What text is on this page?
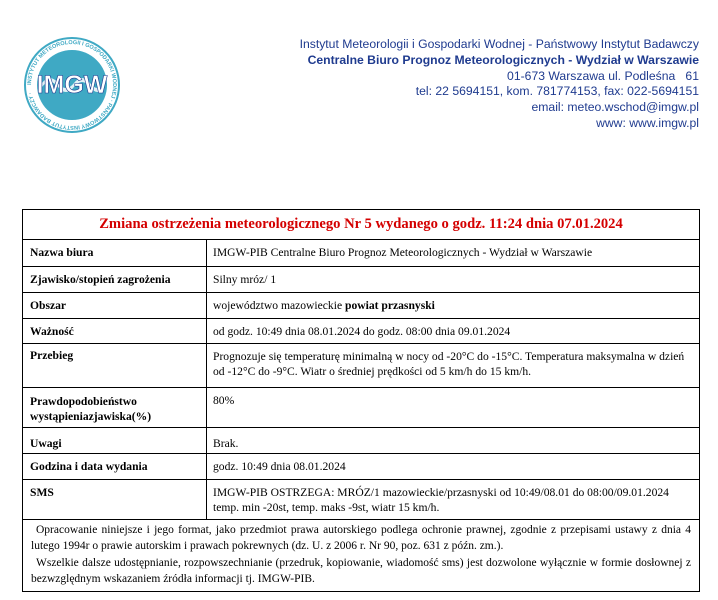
INSTYTUT METEOROLOGII I GOSPODARKI WODNEJ · PAŃSTWOWY INSTYTUT BADAWCZY · IMGW
Instytut Meteorologii i Gospodarki Wodnej - Państwowy Instytut Badawczy
Centralne Biuro Prognoz Meteorologicznych - Wydział w Warszawie
01-673 Warszawa ul. Podleśna   61
tel: 22 5694151, kom. 781774153, fax: 022-5694151
email: meteo.wschod@imgw.pl
www: www.imgw.pl
Zmiana ostrzeżenia meteorologicznego Nr 5 wydanego o godz. 11:24 dnia 07.01.2024
Nazwa biura	IMGW-PIB Centralne Biuro Prognoz Meteorologicznych - Wydział w Warszawie
Zjawisko/stopień zagrożenia	Silny mróz/ 1
Obszar	województwo mazowieckie powiat przasnyski
Ważność	od godz. 10:49 dnia 08.01.2024 do godz. 08:00 dnia 09.01.2024
Przebieg	Prognozuje się temperaturę minimalną w nocy od -20°C do -15°C. Temperatura maksymalna w dzień od -12°C do -9°C. Wiatr o średniej prędkości od 5 km/h do 15 km/h.
Prawdopodobieństwo wystąpieniazjawiska(%)	80%
Uwagi	Brak.
Godzina i data wydania	godz. 10:49 dnia 08.01.2024
SMS	IMGW-PIB OSTRZEGA: MRÓZ/1 mazowieckie/przasnyski od 10:49/08.01 do 08:00/09.01.2024 temp. min -20st, temp. maks -9st, wiatr 15 km/h.

Opracowanie niniejsze i jego format, jako przedmiot prawa autorskiego podlega ochronie prawnej, zgodnie z przepisami ustawy z dnia 4 lutego 1994r o prawie autorskim i prawach pokrewnych (dz. U. z 2006 r. Nr 90, poz. 631 z późn. zm.).

Wszelkie dalsze udostępnianie, rozpowszechnianie (przedruk, kopiowanie, wiadomość sms) jest dozwolone wyłącznie w formie dosłownej z bezwzględnym wskazaniem źródła informacji tj. IMGW-PIB.
